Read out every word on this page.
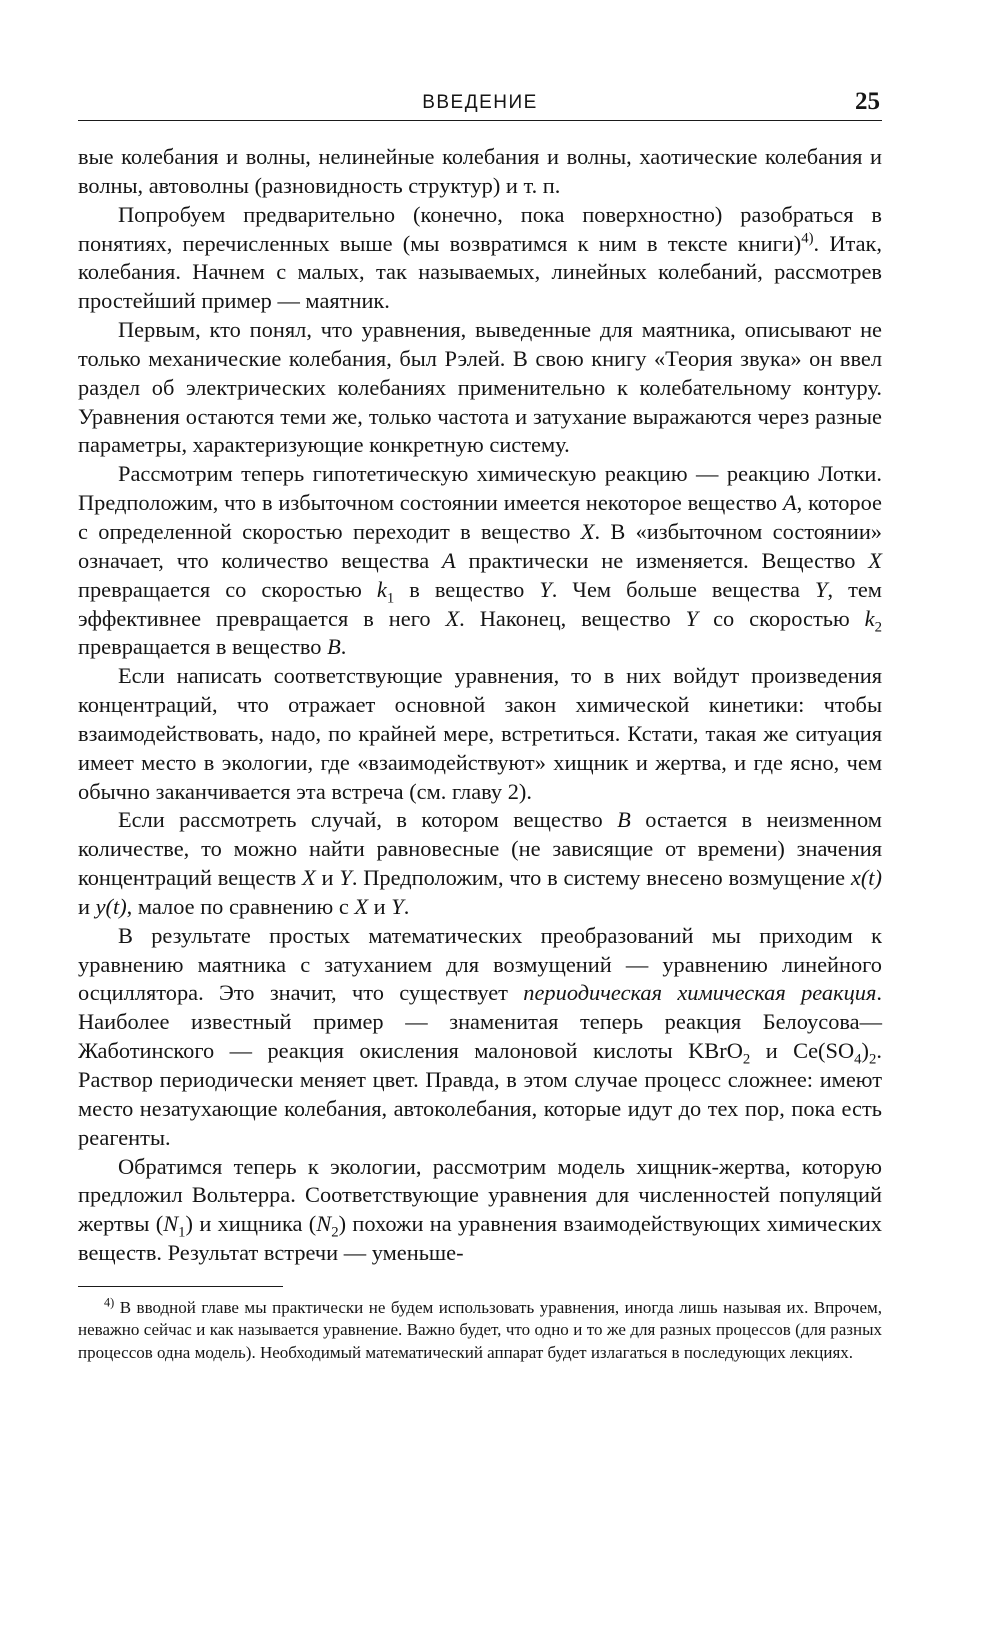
ВВЕДЕНИЕ	25

вые колебания и волны, нелинейные колебания и волны, хаотические колебания и волны, автоволны (разновидность структур) и т. п.

Попробуем предварительно (конечно, пока поверхностно) разобраться в понятиях, перечисленных выше (мы возвратимся к ним в тексте книги)$^{4)}$. Итак, колебания. Начнем с малых, так называемых, линейных колебаний, рассмотрев простейший пример — маятник.

Первым, кто понял, что уравнения, выведенные для маятника, описывают не только механические колебания, был Рэлей. В свою книгу «Теория звука» он ввел раздел об электрических колебаниях применительно к колебательному контуру. Уравнения остаются теми же, только частота и затухание выражаются через разные параметры, характеризующие конкретную систему.

Рассмотрим теперь гипотетическую химическую реакцию — реакцию Лотки. Предположим, что в избыточном состоянии имеется некоторое вещество A, которое с определенной скоростью переходит в вещество X. В «избыточном состоянии» означает, что количество вещества A практически не изменяется. Вещество X превращается со скоростью $k_1$ в вещество Y. Чем больше вещества Y, тем эффективнее превращается в него X. Наконец, вещество Y со скоростью $k_2$ превращается в вещество B.

Если написать соответствующие уравнения, то в них войдут произведения концентраций, что отражает основной закон химической кинетики: чтобы взаимодействовать, надо, по крайней мере, встретиться. Кстати, такая же ситуация имеет место в экологии, где «взаимодействуют» хищник и жертва, и где ясно, чем обычно заканчивается эта встреча (см. главу 2).

Если рассмотреть случай, в котором вещество B остается в неизменном количестве, то можно найти равновесные (не зависящие от времени) значения концентраций веществ X и Y. Предположим, что в систему внесено возмущение x(t) и y(t), малое по сравнению с X и Y.

В результате простых математических преобразований мы приходим к уравнению маятника с затуханием для возмущений — уравнению линейного осциллятора. Это значит, что существует периодическая химическая реакция. Наиболее известный пример — знаменитая теперь реакция Белоусова—Жаботинского — реакция окисления малоновой кислоты KBrO$_2$ и $Ce(SO_4)_2$. Раствор периодически меняет цвет. Правда, в этом случае процесс сложнее: имеют место незатухающие колебания, автоколебания, которые идут до тех пор, пока есть реагенты.

Обратимся теперь к экологии, рассмотрим модель хищник-жертва, которую предложил Вольтерра. Соответствующие уравнения для численностей популяций жертвы $(N_1)$ и хищника $(N_2)$ похожи на уравнения взаимодействующих химических веществ. Результат встречи — уменьше-

$^{4)}$ В вводной главе мы практически не будем использовать уравнения, иногда лишь называя их. Впрочем, неважно сейчас и как называется уравнение. Важно будет, что одно и то же для разных процессов (для разных процессов одна модель). Необходимый математический аппарат будет излагаться в последующих лекциях.
